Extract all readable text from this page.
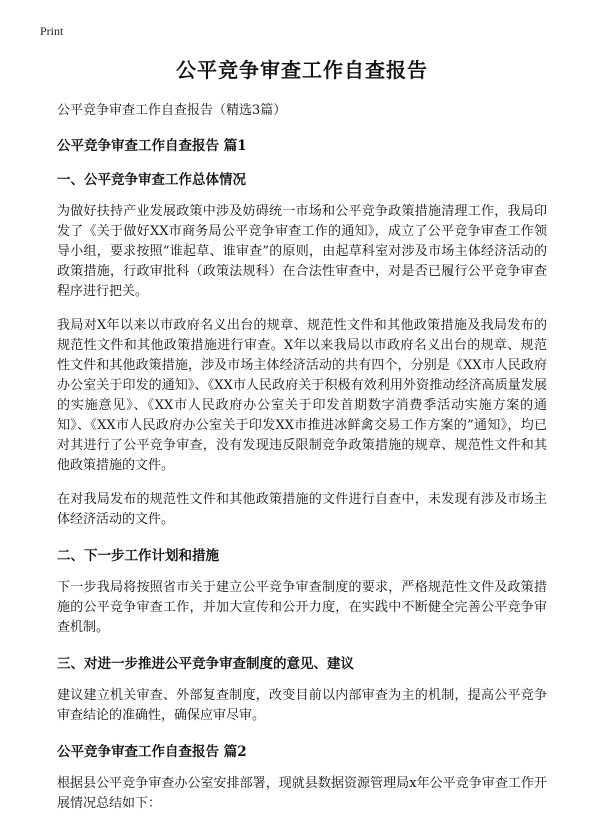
Print
公平竞争审查工作自查报告
公平竞争审查工作自查报告（精选3篇）
公平竞争审查工作自查报告 篇1
一、公平竞争审查工作总体情况

为做好扶持产业发展政策中涉及妨碍统一市场和公平竞争政策措施清理工作，我局印发了《关于做好XX市商务局公平竞争审查工作的通知》，成立了公平竞争审查工作领导小组，要求按照“谁起草、谁审查”的原则，由起草科室对涉及市场主体经济活动的政策措施，行政审批科（政策法规科）在合法性审查中，对是否已履行公平竞争审查程序进行把关。

我局对X年以来以市政府名义出台的规章、规范性文件和其他政策措施及我局发布的规范性文件和其他政策措施进行审查。X年以来我局以市政府名义出台的规章、规范性文件和其他政策措施，涉及市场主体经济活动的共有四个，分别是《XX市人民政府办公室关于印发的通知》、《XX市人民政府关于积极有效利用外资推动经济高质量发展的实施意见》、《XX市人民政府办公室关于印发首期数字消费季活动实施方案的通知》、《XX市人民政府办公室关于印发XX市推进冰鲜禽交易工作方案的”通知》，均已对其进行了公平竞争审查，没有发现违反限制竞争政策措施的规章、规范性文件和其他政策措施的文件。

在对我局发布的规范性文件和其他政策措施的文件进行自查中，未发现有涉及市场主体经济活动的文件。

二、下一步工作计划和措施

下一步我局将按照省市关于建立公平竞争审查制度的要求，严格规范性文件及政策措施的公平竞争审查工作，并加大宣传和公开力度，在实践中不断健全完善公平竞争审查机制。

三、对进一步推进公平竞争审查制度的意见、建议

建议建立机关审查、外部复查制度，改变目前以内部审查为主的机制，提高公平竞争审查结论的准确性，确保应审尽审。

公平竞争审查工作自查报告 篇2

根据县公平竞争审查办公室安排部署，现就县数据资源管理局x年公平竞争审查工作开展情况总结如下：
